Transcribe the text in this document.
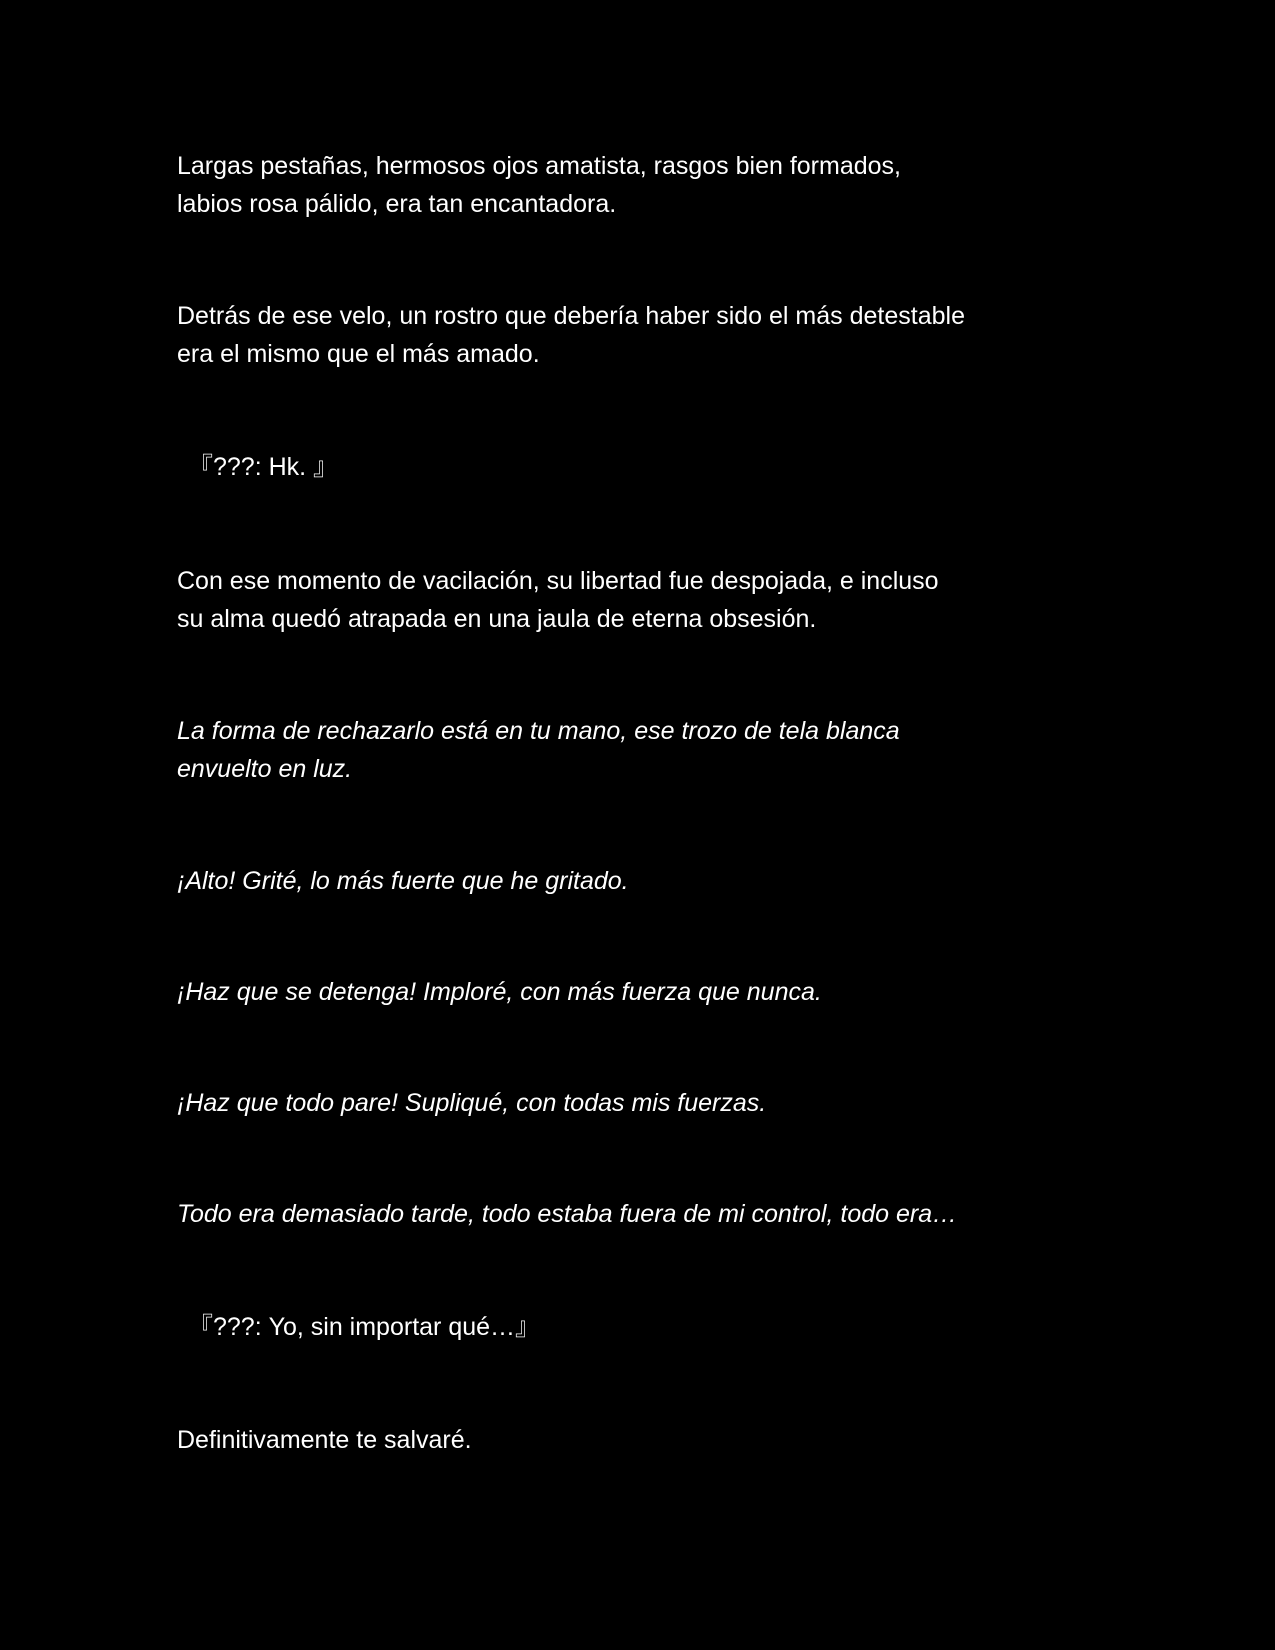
Largas pestañas, hermosos ojos amatista, rasgos bien formados,
labios rosa pálido, era tan encantadora.

Detrás de ese velo, un rostro que debería haber sido el más detestable
era el mismo que el más amado.

『???: Hk. 』

Con ese momento de vacilación, su libertad fue despojada, e incluso
su alma quedó atrapada en una jaula de eterna obsesión.

La forma de rechazarlo está en tu mano, ese trozo de tela blanca
envuelto en luz.

¡Alto! Grité, lo más fuerte que he gritado.

¡Haz que se detenga! Imploré, con más fuerza que nunca.

¡Haz que todo pare! Supliqué, con todas mis fuerzas.

Todo era demasiado tarde, todo estaba fuera de mi control, todo era…

『???: Yo, sin importar qué…』

Definitivamente te salvaré.
